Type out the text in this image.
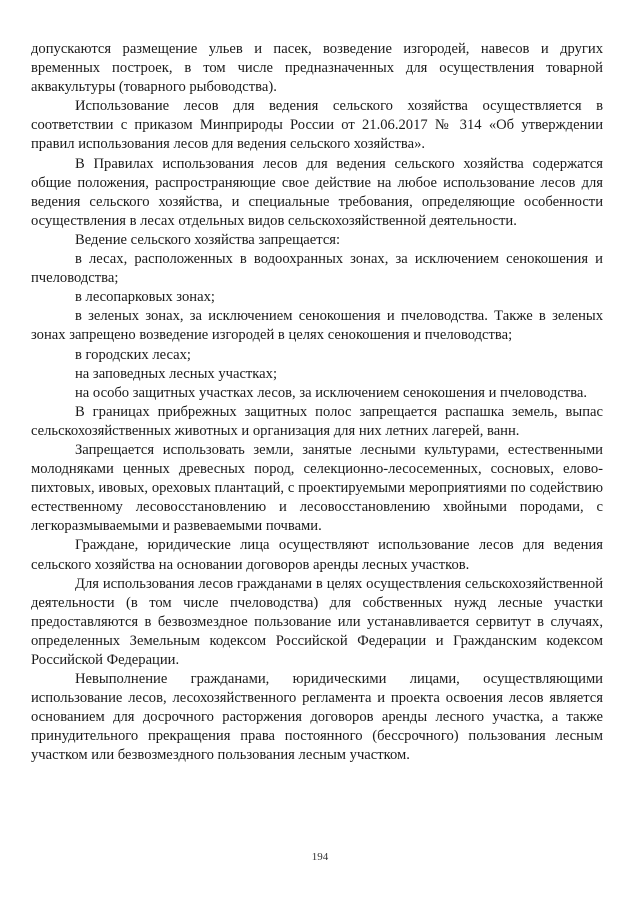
допускаются размещение ульев и пасек, возведение изгородей, навесов и других временных построек, в том числе предназначенных для осуществления товарной аквакультуры (товарного рыбоводства).

Использование лесов для ведения сельского хозяйства осуществляется в соответствии с приказом Минприроды России от 21.06.2017 № 314 «Об утверждении правил использования лесов для ведения сельского хозяйства».

В Правилах использования лесов для ведения сельского хозяйства содержатся общие положения, распространяющие свое действие на любое использование лесов для ведения сельского хозяйства, и специальные требования, определяющие особенности осуществления в лесах отдельных видов сельскохозяйственной деятельности.

Ведение сельского хозяйства запрещается:

в лесах, расположенных в водоохранных зонах, за исключением сенокошения и пчеловодства;

в лесопарковых зонах;

в зеленых зонах, за исключением сенокошения и пчеловодства. Также в зеленых зонах запрещено возведение изгородей в целях сенокошения и пчеловодства;

в городских лесах;

на заповедных лесных участках;

на особо защитных участках лесов, за исключением сенокошения и пчеловодства.

В границах прибрежных защитных полос запрещается распашка земель, выпас сельскохозяйственных животных и организация для них летних лагерей, ванн.

Запрещается использовать земли, занятые лесными культурами, естественными молодняками ценных древесных пород, селекционно-лесосеменных, сосновых, елово-пихтовых, ивовых, ореховых плантаций, с проектируемыми мероприятиями по содействию естественному лесовосстановлению и лесовосстановлению хвойными породами, с легкоразмываемыми и развеваемыми почвами.

Граждане, юридические лица осуществляют использование лесов для ведения сельского хозяйства на основании договоров аренды лесных участков.

Для использования лесов гражданами в целях осуществления сельскохозяйственной деятельности (в том числе пчеловодства) для собственных нужд лесные участки предоставляются в безвозмездное пользование или устанавливается сервитут в случаях, определенных Земельным кодексом Российской Федерации и Гражданским кодексом Российской Федерации.

Невыполнение гражданами, юридическими лицами, осуществляющими использование лесов, лесохозяйственного регламента и проекта освоения лесов является основанием для досрочного расторжения договоров аренды лесного участка, а также принудительного прекращения права постоянного (бессрочного) пользования лесным участком или безвозмездного пользования лесным участком.

194
